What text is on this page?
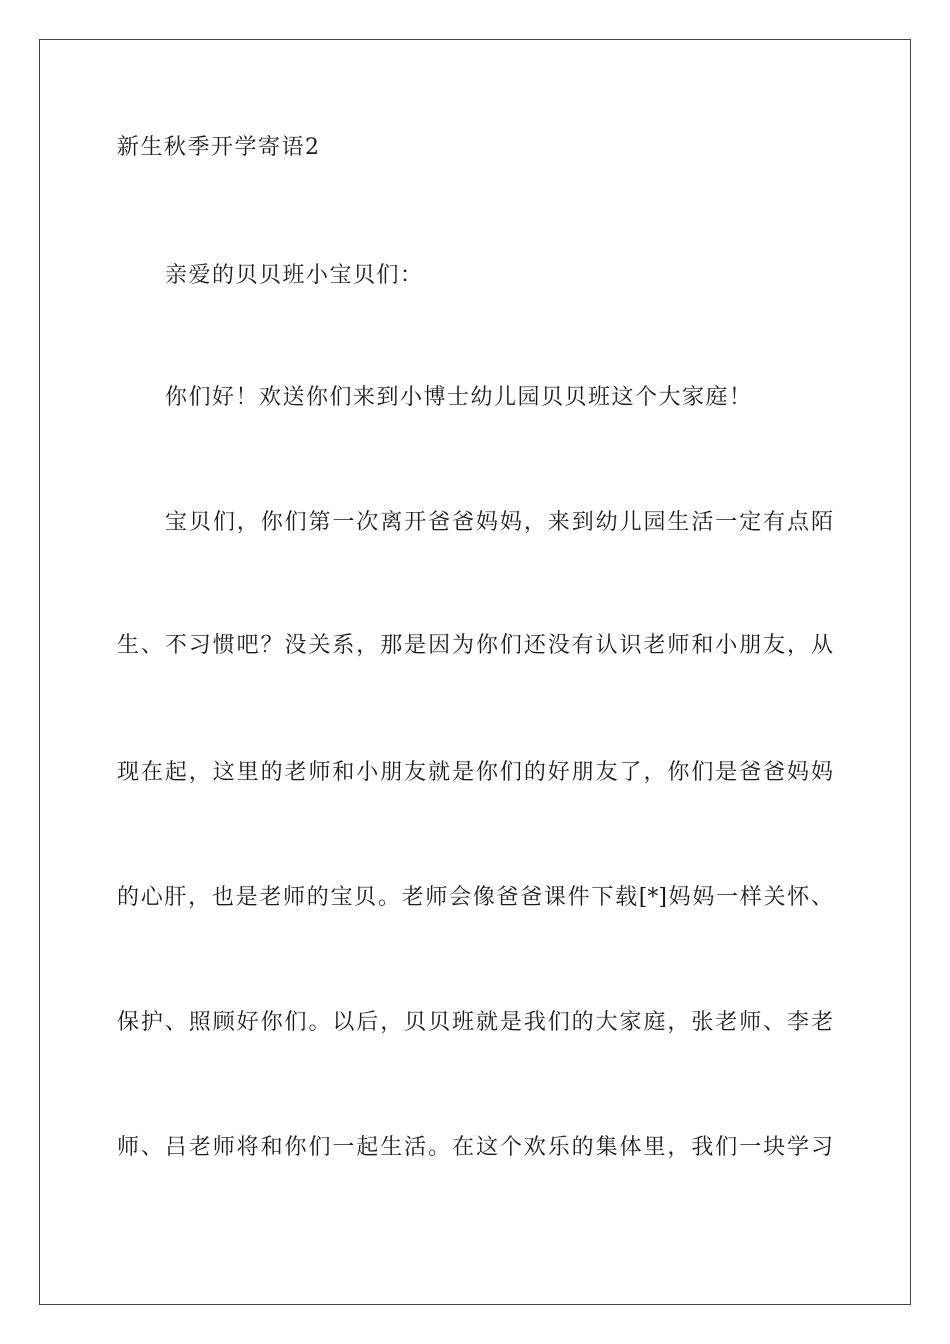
新生秋季开学寄语2
亲爱的贝贝班小宝贝们：
你们好！欢送你们来到小博士幼儿园贝贝班这个大家庭！
宝贝们，你们第一次离开爸爸妈妈，来到幼儿园生活一定有点陌
生、不习惯吧？没关系，那是因为你们还没有认识老师和小朋友，从
现在起，这里的老师和小朋友就是你们的好朋友了，你们是爸爸妈妈
的心肝，也是老师的宝贝。老师会像爸爸课件下载[*]妈妈一样关怀、
保护、照顾好你们。以后，贝贝班就是我们的大家庭，张老师、李老
师、吕老师将和你们一起生活。在这个欢乐的集体里，我们一块学习
